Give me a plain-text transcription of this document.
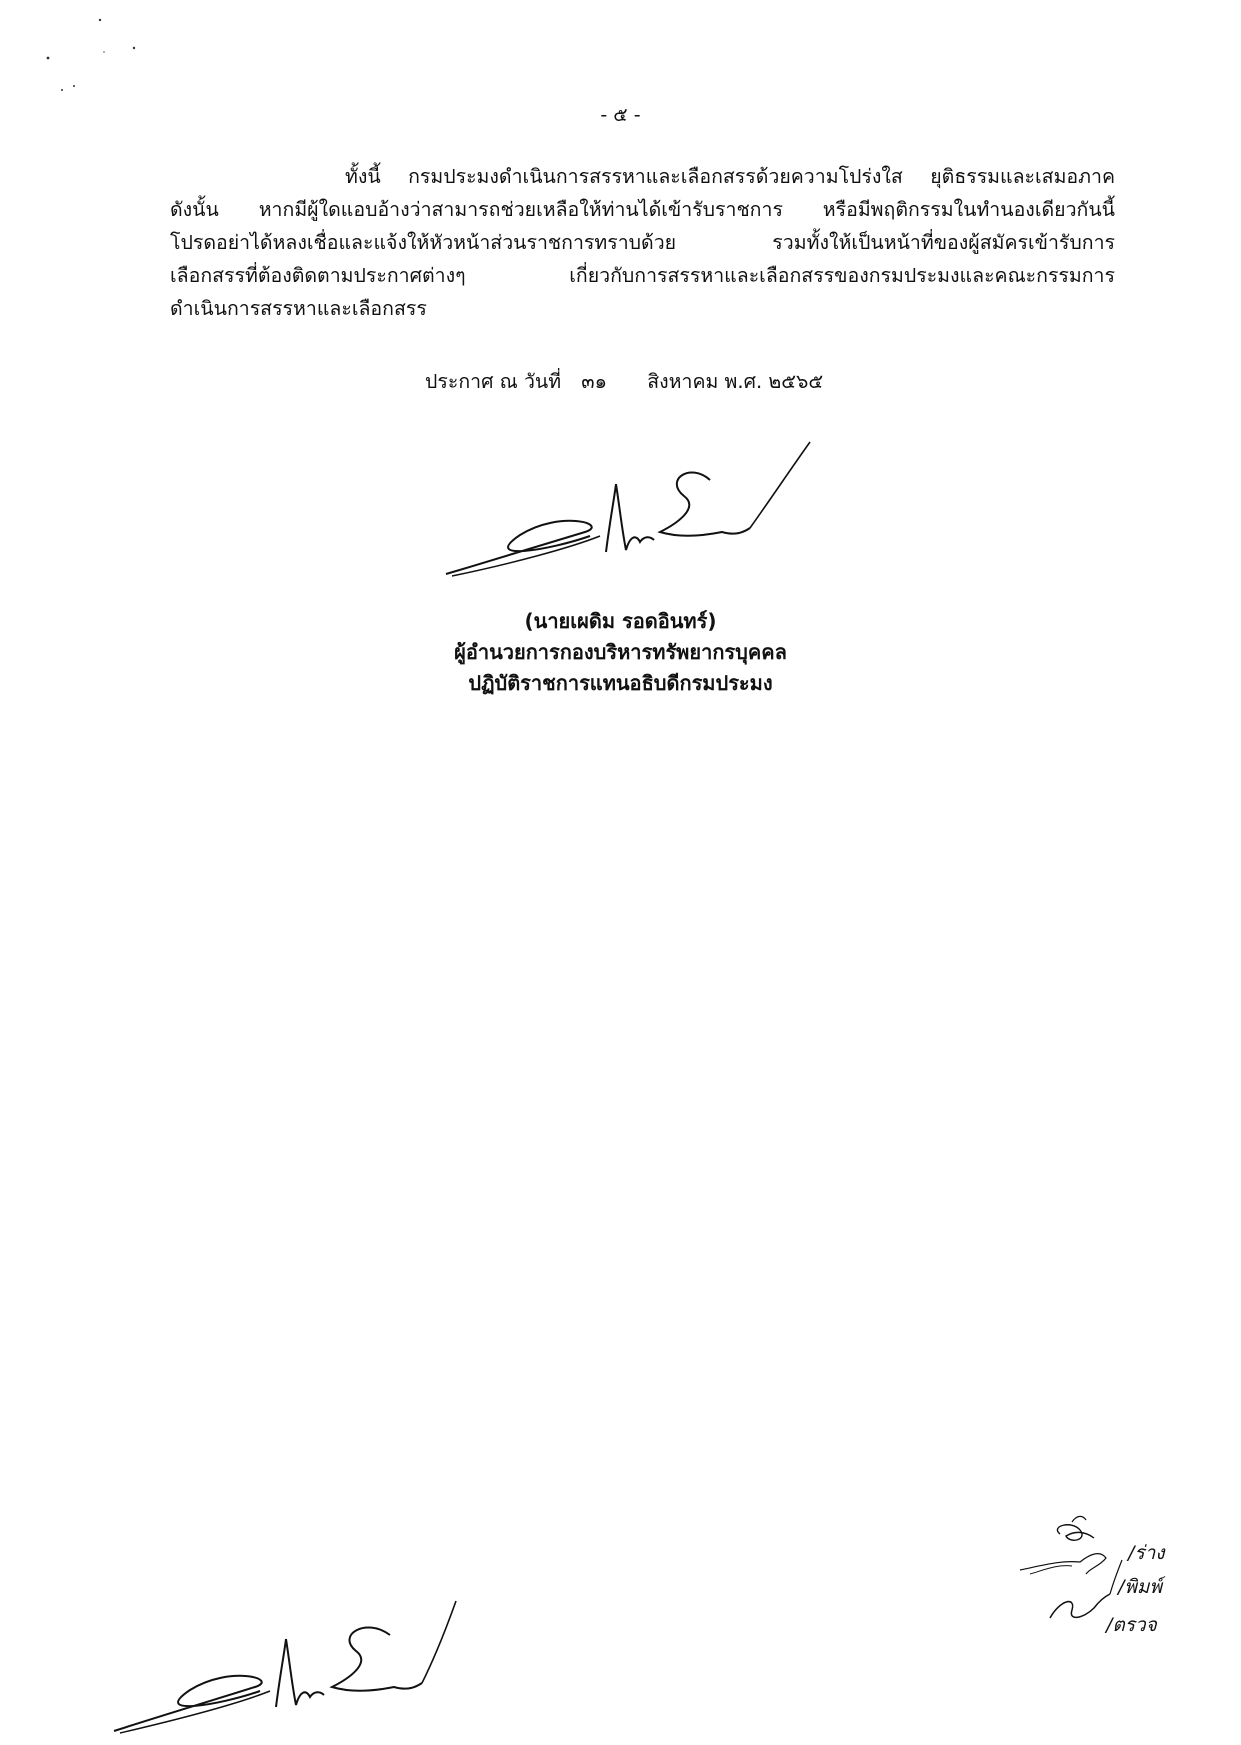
- ๕ -

ทั้งนี้ กรมประมงดำเนินการสรรหาและเลือกสรรด้วยความโปร่งใส ยุติธรรมและเสมอภาค
ดังนั้น หากมีผู้ใดแอบอ้างว่าสามารถช่วยเหลือให้ท่านได้เข้ารับราชการ หรือมีพฤติกรรมในทำนองเดียวกันนี้
โปรดอย่าได้หลงเชื่อและแจ้งให้หัวหน้าส่วนราชการทราบด้วย รวมทั้งให้เป็นหน้าที่ของผู้สมัครเข้ารับการ
เลือกสรรที่ต้องติดตามประกาศต่างๆ เกี่ยวกับการสรรหาและเลือกสรรของกรมประมงและคณะกรรมการ
ดำเนินการสรรหาและเลือกสรร

ประกาศ ณ วันที่ ๓๑ สิงหาคม พ.ศ. ๒๕๖๕
(นายเผดิม รอดอินทร์)
ผู้อำนวยการกองบริหารทรัพยากรบุคคล
ปฏิบัติราชการแทนอธิบดีกรมประมง
/ร่าง
/พิมพ์
/ตรวจ
